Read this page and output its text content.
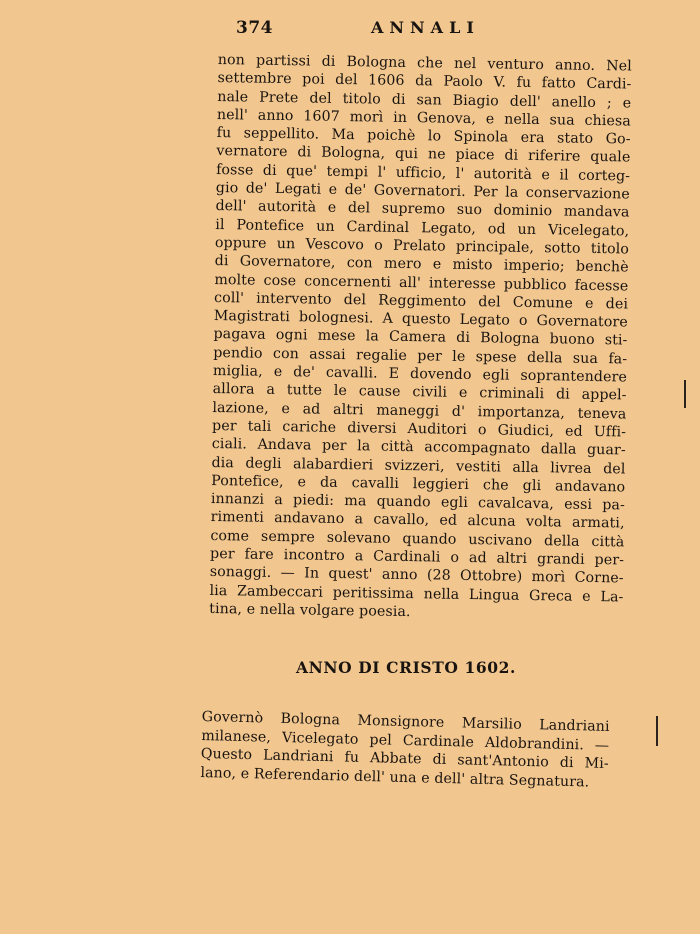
374	ANNALI
non partissi di Bologna che nel venturo anno. Nel
settembre poi del 1606 da Paolo V. fu fatto Cardi-
nale Prete del titolo di san Biagio dell' anello ; e
nell' anno 1607 morì in Genova, e nella sua chiesa
fu seppellito. Ma poichè lo Spinola era stato Go-
vernatore di Bologna, qui ne piace di riferire quale
fosse di que' tempi l' ufficio, l' autorità e il corteg-
gio de' Legati e de' Governatori. Per la conservazione
dell' autorità e del supremo suo dominio mandava
il Pontefice un Cardinal Legato, od un Vicelegato,
oppure un Vescovo o Prelato principale, sotto titolo
di Governatore, con mero e misto imperio; benchè
molte cose concernenti all' interesse pubblico facesse
coll' intervento del Reggimento del Comune e dei
Magistrati bolognesi. A questo Legato o Governatore
pagava ogni mese la Camera di Bologna buono sti-
pendio con assai regalie per le spese della sua fa-
miglia, e de' cavalli. E dovendo egli soprantendere
allora a tutte le cause civili e criminali di appel-
lazione, e ad altri maneggi d' importanza, teneva
per tali cariche diversi Auditori o Giudici, ed Uffi-
ciali. Andava per la città accompagnato dalla guar-
dia degli alabardieri svizzeri, vestiti alla livrea del
Pontefice, e da cavalli leggieri che gli andavano
innanzi a piedi: ma quando egli cavalcava, essi pa-
rimenti andavano a cavallo, ed alcuna volta armati,
come sempre solevano quando uscivano della città
per fare incontro a Cardinali o ad altri grandi per-
sonaggi. — In quest' anno (28 Ottobre) morì Corne-
lia Zambeccari peritissima nella Lingua Greca e La-
tina, e nella volgare poesia.
ANNO DI CRISTO 1602.
Governò Bologna Monsignore Marsilio Landriani
milanese, Vicelegato pel Cardinale Aldobrandini. —
Questo Landriani fu Abbate di sant'Antonio di Mi-
lano, e Referendario dell' una e dell' altra Segnatura.
